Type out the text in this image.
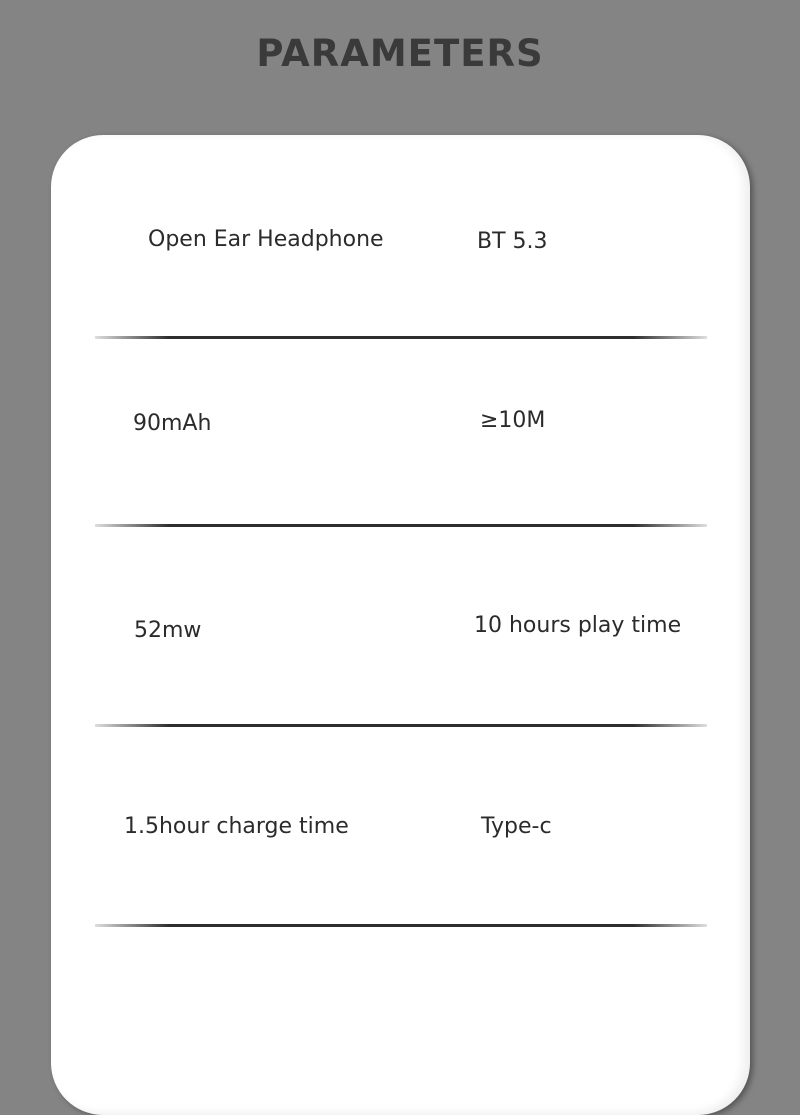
PARAMETERS
Open Ear Headphone	BT 5.3
90mAh	≥10M
52mw	10 hours play time
1.5hour charge time	Type-c
